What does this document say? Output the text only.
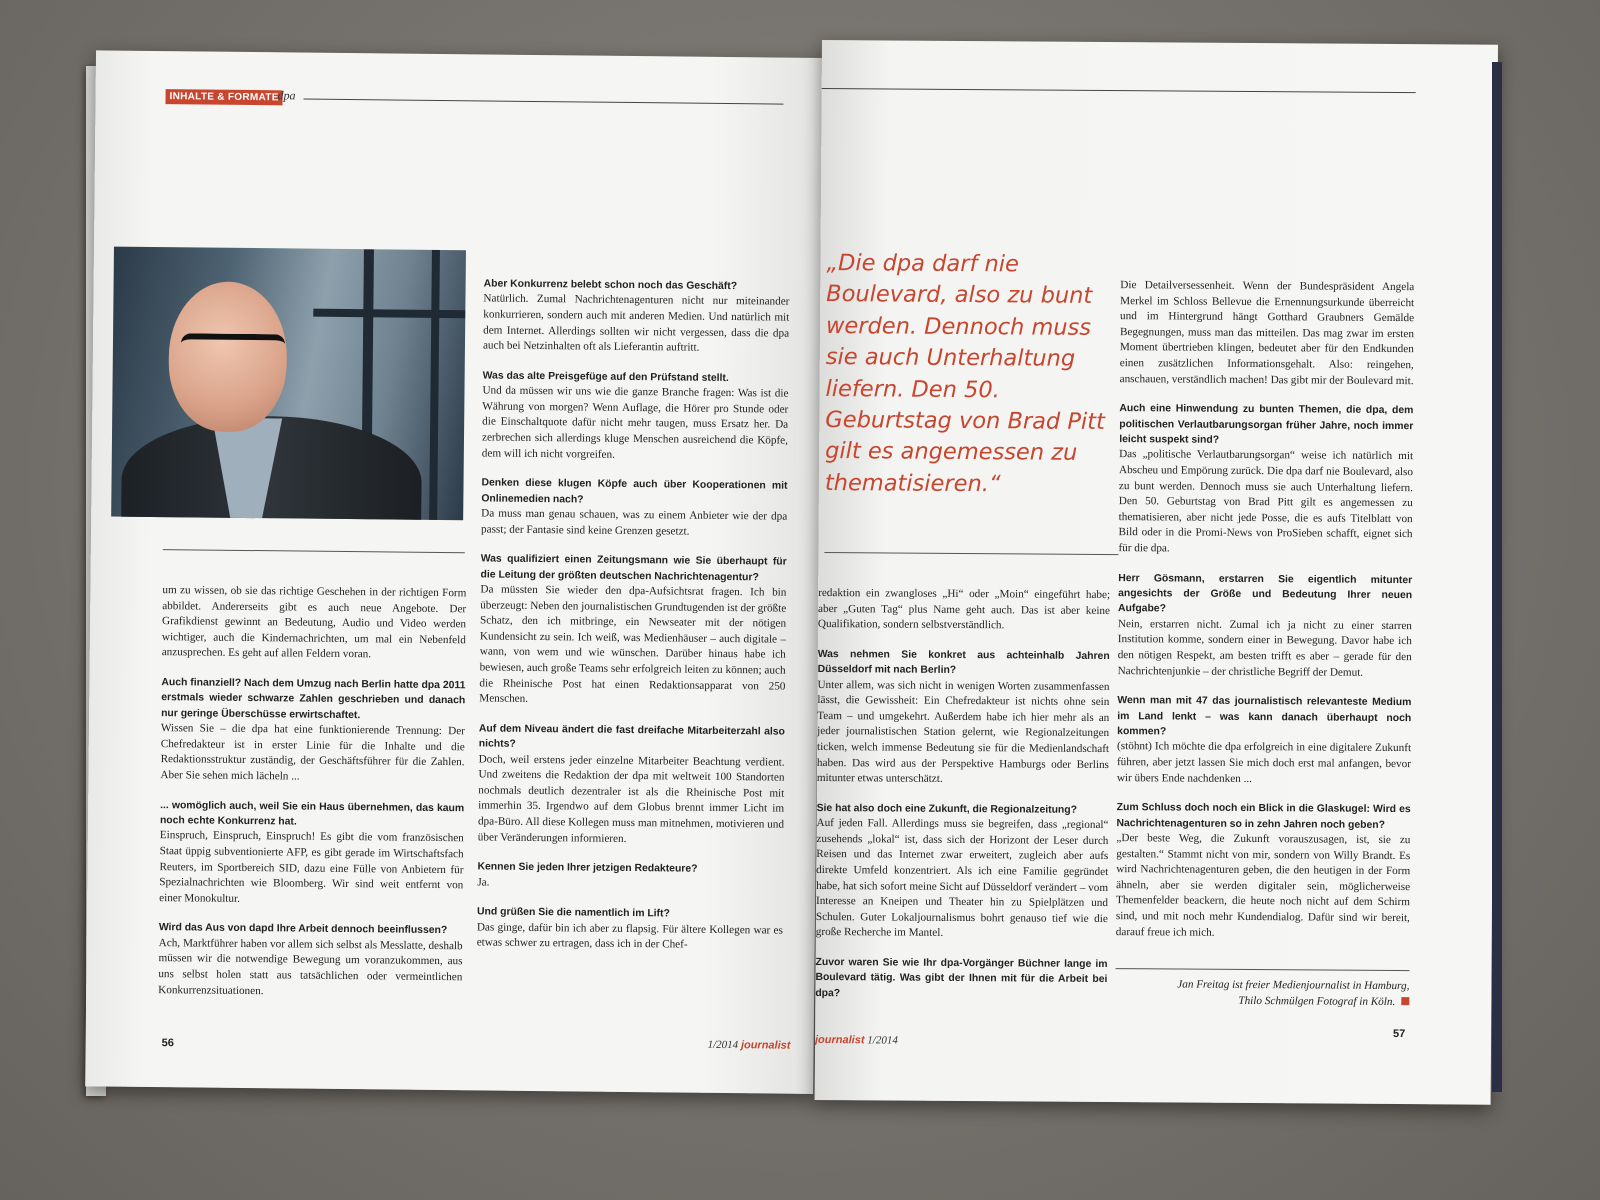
INHALTE & FORMATE
dpa

um zu wissen, ob sie das richtige Geschehen in der richtigen Form abbildet. Andererseits gibt es auch neue Angebote. Der Grafikdienst gewinnt an Bedeutung, Audio und Video werden wichtiger, auch die Kindernachrichten, um mal ein Nebenfeld anzusprechen. Es geht auf allen Feldern voran.

Auch finanziell? Nach dem Umzug nach Berlin hatte dpa 2011 erstmals wieder schwarze Zahlen geschrieben und danach nur geringe Überschüsse erwirtschaftet.

Wissen Sie – die dpa hat eine funktionierende Trennung: Der Chefredakteur ist in erster Linie für die Inhalte und die Redaktionsstruktur zuständig, der Geschäftsführer für die Zahlen. Aber Sie sehen mich lächeln ...

... womöglich auch, weil Sie ein Haus übernehmen, das kaum noch echte Konkurrenz hat.

Einspruch, Einspruch, Einspruch! Es gibt die vom französischen Staat üppig subventionierte AFP, es gibt gerade im Wirtschaftsfach Reuters, im Sportbereich SID, dazu eine Fülle von Anbietern für Spezialnachrichten wie Bloomberg. Wir sind weit entfernt von einer Monokultur.

Wird das Aus von dapd Ihre Arbeit dennoch beeinflussen?

Ach, Marktführer haben vor allem sich selbst als Messlatte, deshalb müssen wir die notwendige Bewegung um voranzukommen, aus uns selbst holen statt aus tatsächlichen oder vermeintlichen Konkurrenzsituationen.

Aber Konkurrenz belebt schon noch das Geschäft?

Natürlich. Zumal Nachrichtenagenturen nicht nur miteinander konkurrieren, sondern auch mit anderen Medien. Und natürlich mit dem Internet. Allerdings sollten wir nicht vergessen, dass die dpa auch bei Netzinhalten oft als Lieferantin auftritt.

Was das alte Preisgefüge auf den Prüfstand stellt.

Und da müssen wir uns wie die ganze Branche fragen: Was ist die Währung von morgen? Wenn Auflage, die Hörer pro Stunde oder die Einschaltquote dafür nicht mehr taugen, muss Ersatz her. Da zerbrechen sich allerdings kluge Menschen ausreichend die Köpfe, dem will ich nicht vorgreifen.

Denken diese klugen Köpfe auch über Kooperationen mit Onlinemedien nach?

Da muss man genau schauen, was zu einem Anbieter wie der dpa passt; der Fantasie sind keine Grenzen gesetzt.

Was qualifiziert einen Zeitungsmann wie Sie überhaupt für die Leitung der größten deutschen Nachrichtenagentur?

Da müssten Sie wieder den dpa-Aufsichtsrat fragen. Ich bin überzeugt: Neben den journalistischen Grundtugenden ist der größte Schatz, den ich mitbringe, ein Newseater mit der nötigen Kundensicht zu sein. Ich weiß, was Medienhäuser – auch digitale – wann, von wem und wie wünschen. Darüber hinaus habe ich bewiesen, auch große Teams sehr erfolgreich leiten zu können; auch die Rheinische Post hat einen Redaktionsapparat von 250 Menschen.

Auf dem Niveau ändert die fast dreifache Mitarbeiterzahl also nichts?

Doch, weil erstens jeder einzelne Mitarbeiter Beachtung verdient. Und zweitens die Redaktion der dpa mit weltweit 100 Standorten nochmals deutlich dezentraler ist als die Rheinische Post mit immerhin 35. Irgendwo auf dem Globus brennt immer Licht im dpa-Büro. All diese Kollegen muss man mitnehmen, motivieren und über Veränderungen informieren.

Kennen Sie jeden Ihrer jetzigen Redakteure?

Ja.

Und grüßen Sie die namentlich im Lift?

Das ginge, dafür bin ich aber zu flapsig. Für ältere Kollegen war es etwas schwer zu ertragen, dass ich in der Chef-

56	1/2014 journalist
„Die dpa darf nie Boulevard, also zu bunt werden. Dennoch muss sie auch Unterhaltung liefern. Den 50. Geburtstag von Brad Pitt gilt es angemessen zu thematisieren.“

redaktion ein zwangloses „Hi“ oder „Moin“ eingeführt habe; aber „Guten Tag“ plus Name geht auch. Das ist aber keine Qualifikation, sondern selbstverständlich.

Was nehmen Sie konkret aus achteinhalb Jahren Düsseldorf mit nach Berlin?

Unter allem, was sich nicht in wenigen Worten zusammenfassen lässt, die Gewissheit: Ein Chefredakteur ist nichts ohne sein Team – und umgekehrt. Außerdem habe ich hier mehr als an jeder journalistischen Station gelernt, wie Regionalzeitungen ticken, welch immense Bedeutung sie für die Medienlandschaft haben. Das wird aus der Perspektive Hamburgs oder Berlins mitunter etwas unterschätzt.

Sie hat also doch eine Zukunft, die Regionalzeitung?

Auf jeden Fall. Allerdings muss sie begreifen, dass „regional“ zusehends „lokal“ ist, dass sich der Horizont der Leser durch Reisen und das Internet zwar erweitert, zugleich aber aufs direkte Umfeld konzentriert. Als ich eine Familie gegründet habe, hat sich sofort meine Sicht auf Düsseldorf verändert – vom Interesse an Kneipen und Theater hin zu Spielplätzen und Schulen. Guter Lokaljournalismus bohrt genauso tief wie die große Recherche im Mantel.

Zuvor waren Sie wie Ihr dpa-Vorgänger Büchner lange im Boulevard tätig. Was gibt der Ihnen mit für die Arbeit bei dpa?

Die Detailversessenheit. Wenn der Bundespräsident Angela Merkel im Schloss Bellevue die Ernennungsurkunde überreicht und im Hintergrund hängt Gotthard Graubners Gemälde Begegnungen, muss man das mitteilen. Das mag zwar im ersten Moment übertrieben klingen, bedeutet aber für den Endkunden einen zusätzlichen Informationsgehalt. Also: reingehen, anschauen, verständlich machen! Das gibt mir der Boulevard mit.

Auch eine Hinwendung zu bunten Themen, die dpa, dem politischen Verlautbarungsorgan früher Jahre, noch immer leicht suspekt sind?

Das „politische Verlautbarungsorgan“ weise ich natürlich mit Abscheu und Empörung zurück. Die dpa darf nie Boulevard, also zu bunt werden. Dennoch muss sie auch Unterhaltung liefern. Den 50. Geburtstag von Brad Pitt gilt es angemessen zu thematisieren, aber nicht jede Posse, die es aufs Titelblatt von Bild oder in die Promi-News von ProSieben schafft, eignet sich für die dpa.

Herr Gösmann, erstarren Sie eigentlich mitunter angesichts der Größe und Bedeutung Ihrer neuen Aufgabe?

Nein, erstarren nicht. Zumal ich ja nicht zu einer starren Institution komme, sondern einer in Bewegung. Davor habe ich den nötigen Respekt, am besten trifft es aber – gerade für den Nachrichtenjunkie – der christliche Begriff der Demut.

Wenn man mit 47 das journalistisch relevanteste Medium im Land lenkt – was kann danach überhaupt noch kommen?

(stöhnt) Ich möchte die dpa erfolgreich in eine digitalere Zukunft führen, aber jetzt lassen Sie mich doch erst mal anfangen, bevor wir übers Ende nachdenken ...

Zum Schluss doch noch ein Blick in die Glaskugel: Wird es Nachrichtenagenturen so in zehn Jahren noch geben?

„Der beste Weg, die Zukunft vorauszusagen, ist, sie zu gestalten.“ Stammt nicht von mir, sondern von Willy Brandt. Es wird Nachrichtenagenturen geben, die den heutigen in der Form ähneln, aber sie werden digitaler sein, möglicherweise Themenfelder beackern, die heute noch nicht auf dem Schirm sind, und mit noch mehr Kundendialog. Dafür sind wir bereit, darauf freue ich mich.

Jan Freitag ist freier Medienjournalist in Hamburg,
Thilo Schmülgen Fotograf in Köln.
journalist 1/2014
57
